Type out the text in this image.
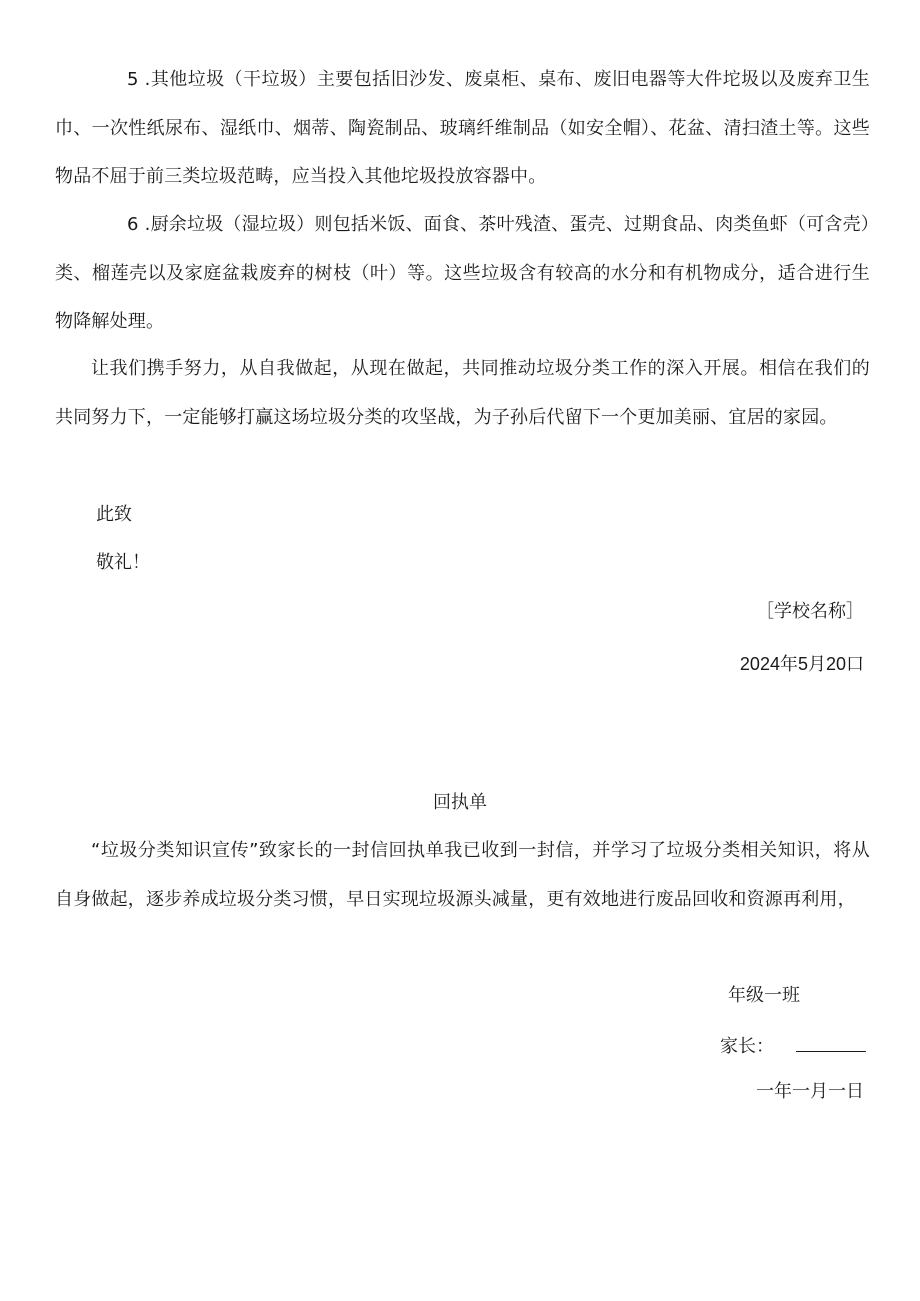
5 .其他垃圾（干垃圾）主要包括旧沙发、废桌柜、桌布、废旧电器等大件坨圾以及废弃卫生巾、一次性纸尿布、湿纸巾、烟蒂、陶瓷制品、玻璃纤维制品（如安全帽）、花盆、清扫渣土等。这些物品不屈于前三类垃圾范畴，应当投入其他坨圾投放容器中。

6 .厨余垃圾（湿垃圾）则包括米饭、面食、茶叶残渣、蛋壳、过期食品、肉类鱼虾（可含壳）类、榴莲壳以及家庭盆栽废弃的树枝（叶）等。这些垃圾含有较高的水分和有机物成分，适合进行生物降解处理。

让我们携手努力，从自我做起，从现在做起，共同推动垃圾分类工作的深入开展。相信在我们的共同努力下，一定能够打赢这场垃圾分类的攻坚战，为子孙后代留下一个更加美丽、宜居的家园。

此致

敬礼！

［学校名称］

2024年5月20口

回执单

“垃圾分类知识宣传”致家长的一封信回执单我已收到一封信，并学习了垃圾分类相关知识，将从自身做起，逐步养成垃圾分类习惯，早日实现垃圾源头减量，更有效地进行废品回收和资源再利用，

年级一班

家长：

一年一月一日
